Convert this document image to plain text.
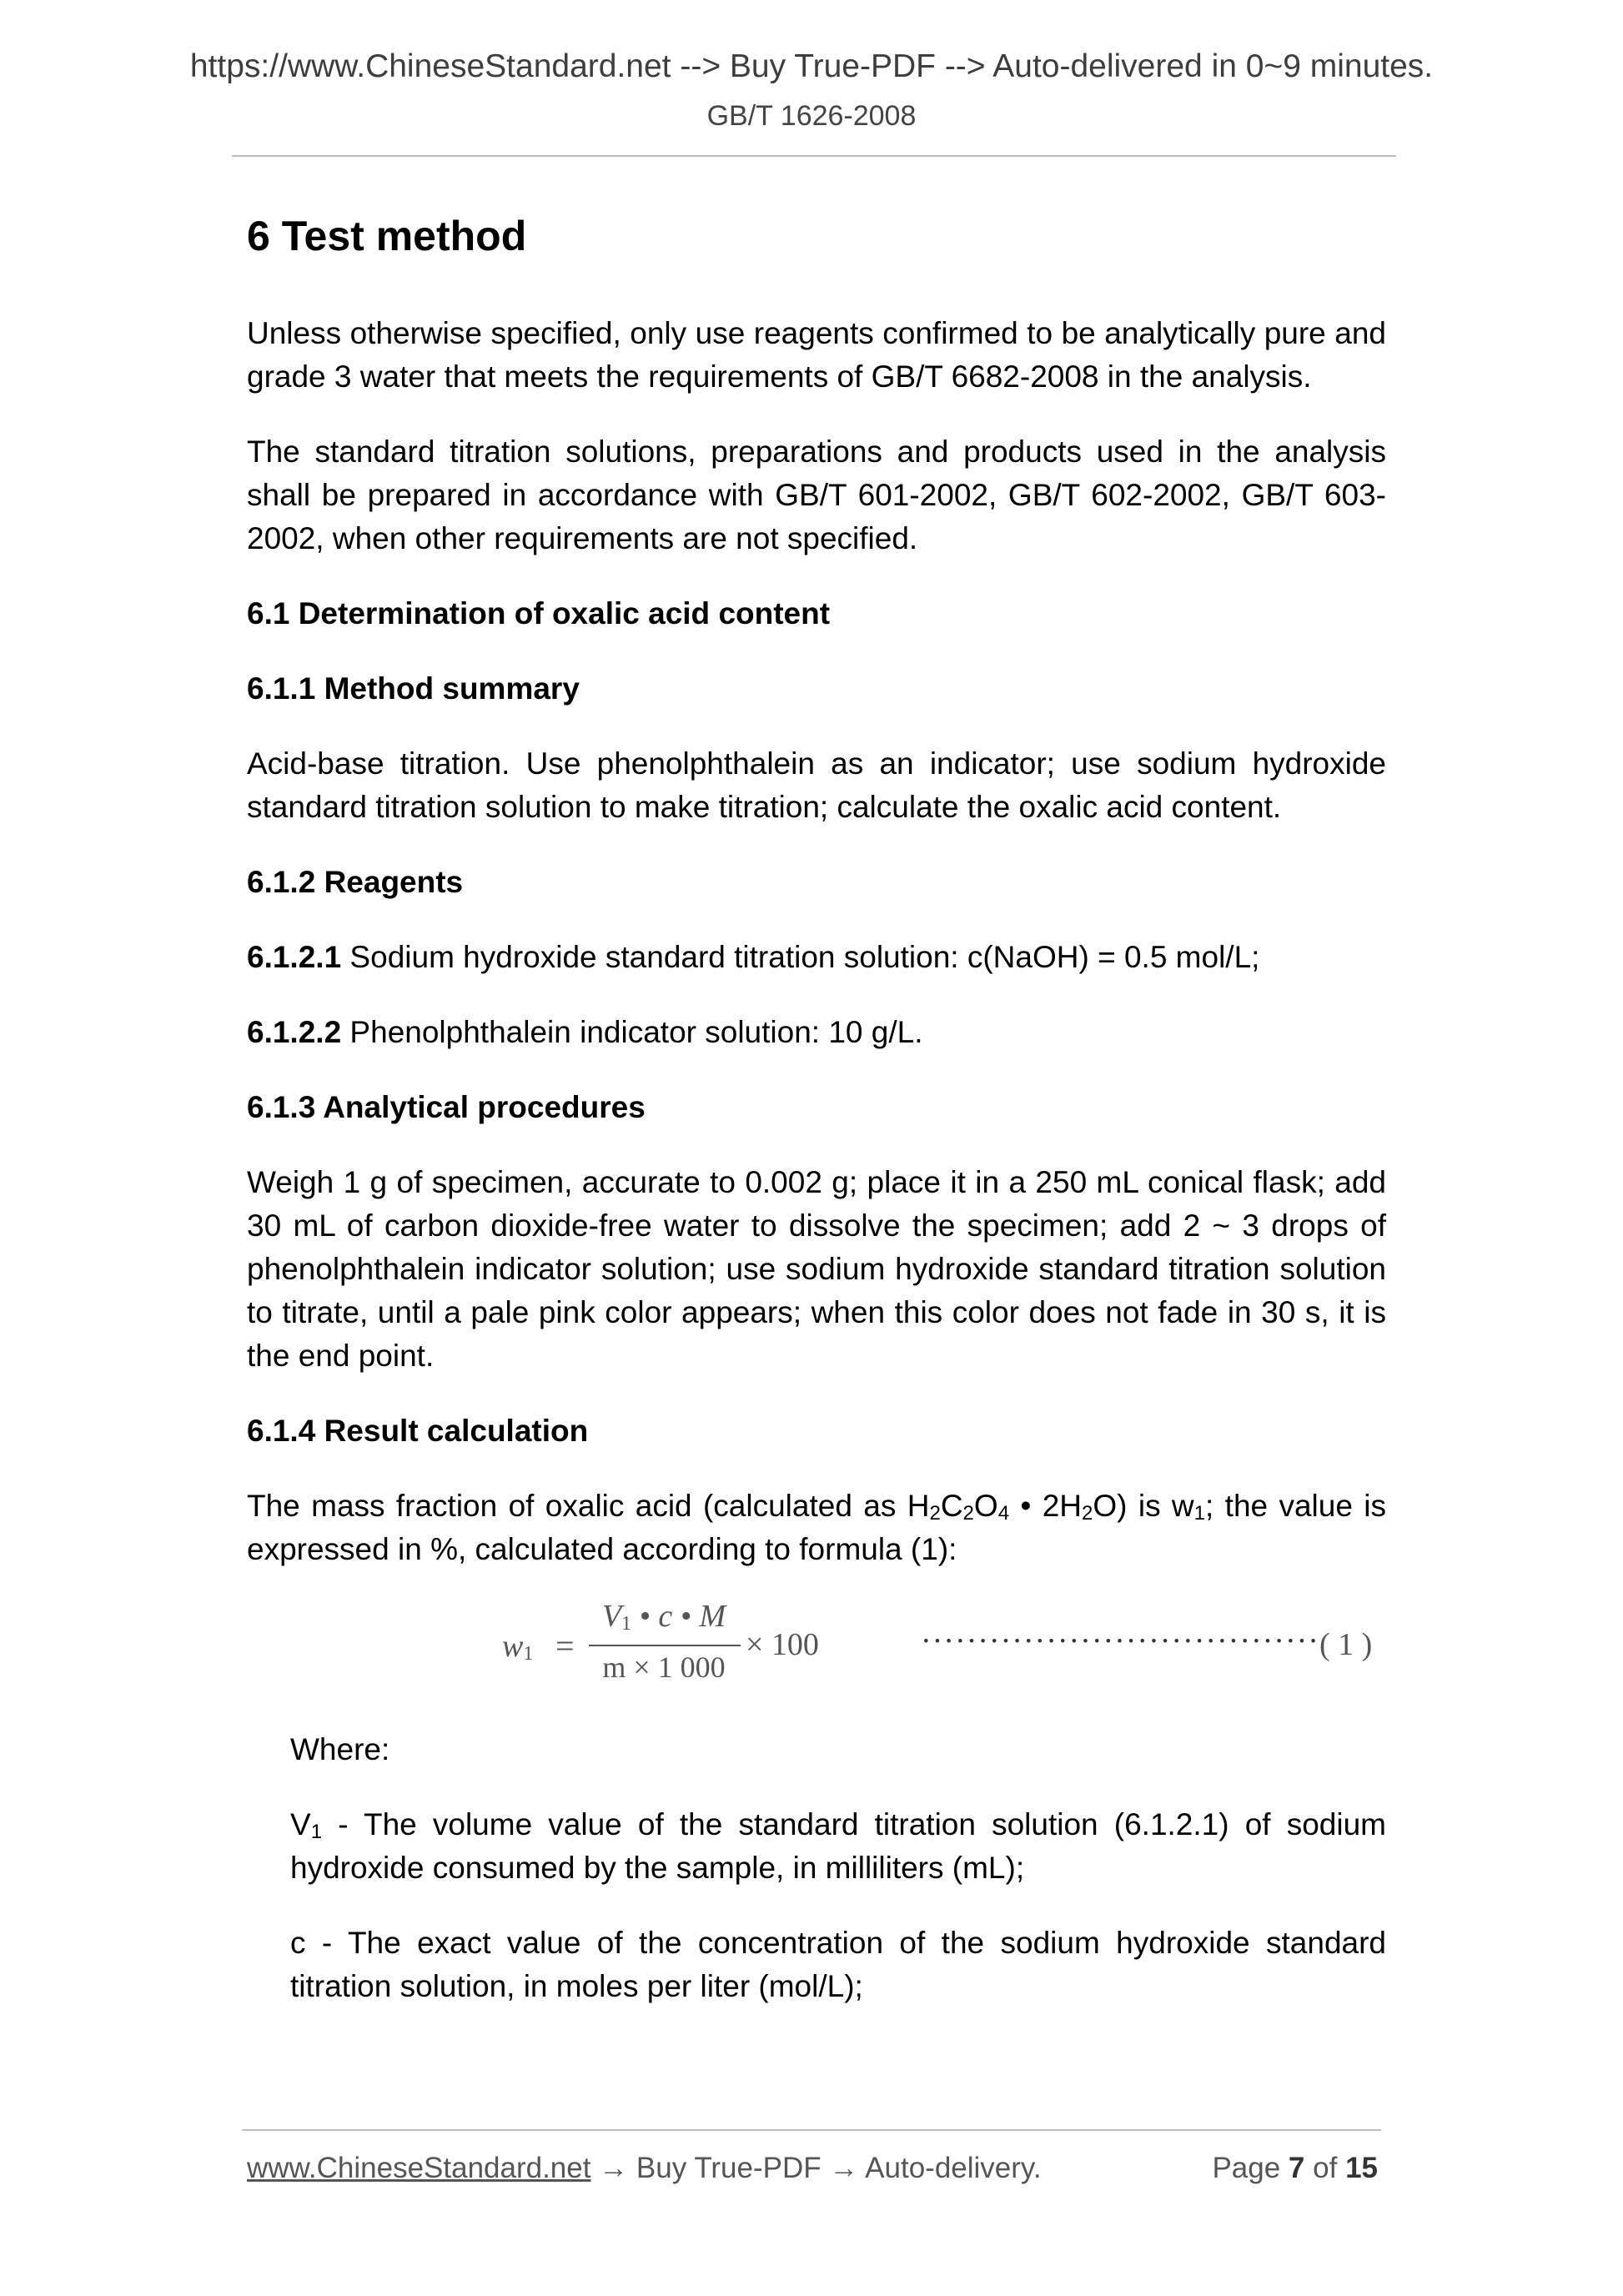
https://www.ChineseStandard.net --> Buy True-PDF --> Auto-delivered in 0~9 minutes.
GB/T 1626-2008
6 Test method

Unless otherwise specified, only use reagents confirmed to be analytically pure and grade 3 water that meets the requirements of GB/T 6682-2008 in the analysis.

The standard titration solutions, preparations and products used in the analysis shall be prepared in accordance with GB/T 601-2002, GB/T 602-2002, GB/T 603-2002, when other requirements are not specified.

6.1 Determination of oxalic acid content
6.1.1 Method summary

Acid-base titration. Use phenolphthalein as an indicator; use sodium hydroxide standard titration solution to make titration; calculate the oxalic acid content.

6.1.2 Reagents

6.1.2.1 Sodium hydroxide standard titration solution: c(NaOH) = 0.5 mol/L;

6.1.2.2 Phenolphthalein indicator solution: 10 g/L.

6.1.3 Analytical procedures

Weigh 1 g of specimen, accurate to 0.002 g; place it in a 250 mL conical flask; add 30 mL of carbon dioxide-free water to dissolve the specimen; add 2 ~ 3 drops of phenolphthalein indicator solution; use sodium hydroxide standard titration solution to titrate, until a pale pink color appears; when this color does not fade in 30 s, it is the end point.

6.1.4 Result calculation

The mass fraction of oxalic acid (calculated as $H_2C_2O_4$ • $2H_2O$) is $w_1$; the value is expressed in %, calculated according to formula (1):

$w_1$ =
$V_1$ • c • M
m × 1 000
× 100	··································· ( 1 )

Where:

$V_1$ - The volume value of the standard titration solution (6.1.2.1) of sodium hydroxide consumed by the sample, in milliliters (mL);

c - The exact value of the concentration of the sodium hydroxide standard titration solution, in moles per liter (mol/L);

www.ChineseStandard.net → Buy True-PDF → Auto-delivery.	Page 7 of 15
